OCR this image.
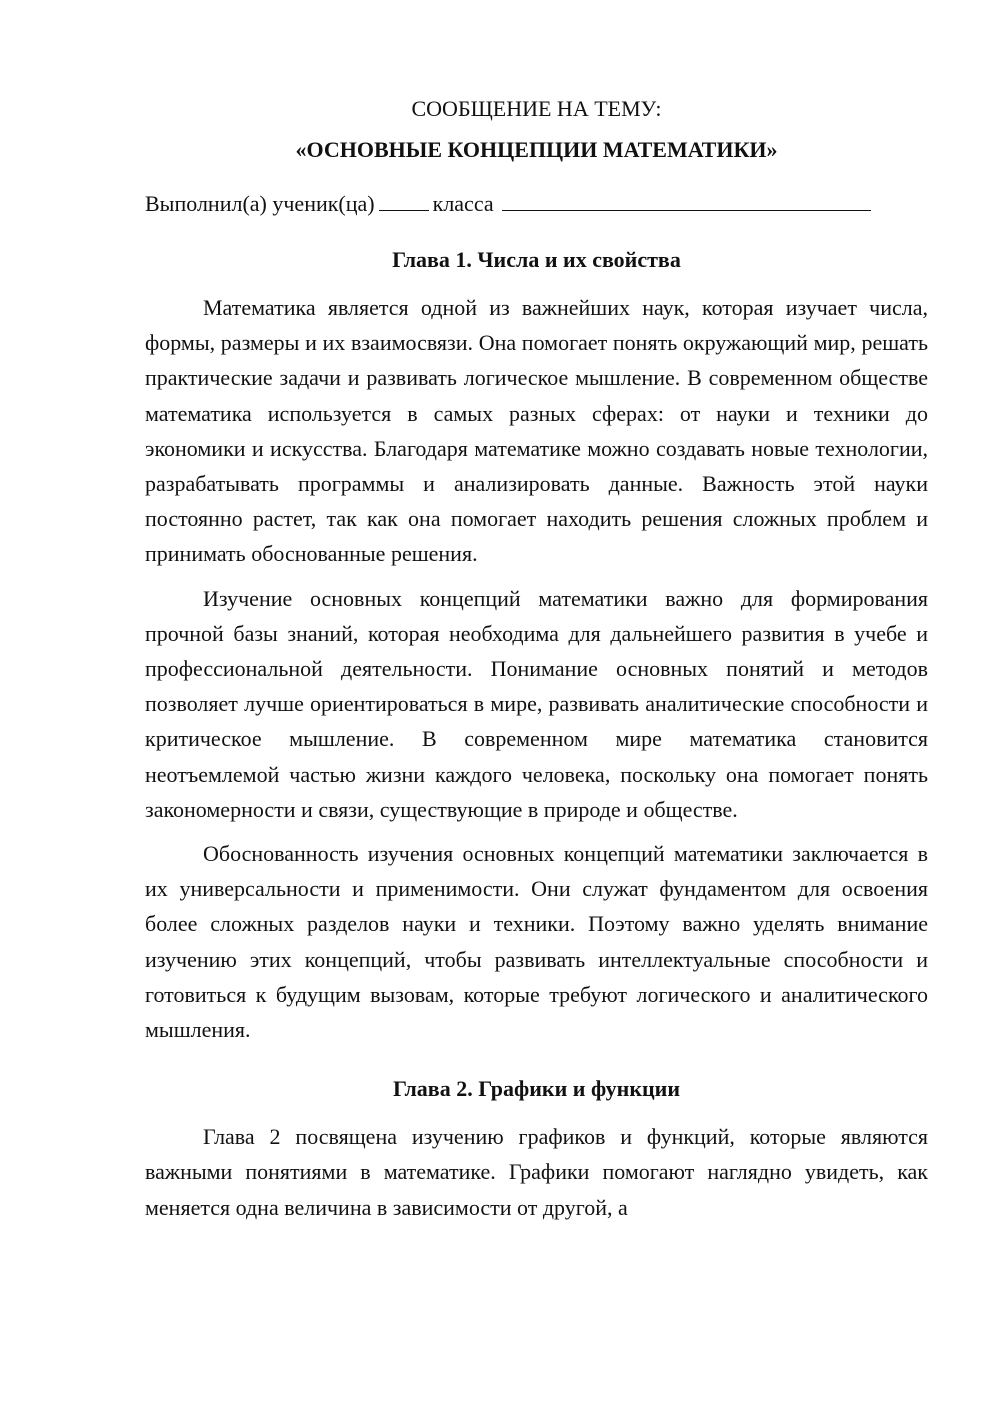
СООБЩЕНИЕ НА ТЕМУ:
«ОСНОВНЫЕ КОНЦЕПЦИИ МАТЕМАТИКИ»
Выполнил(а) ученик(ца)	класса
Глава 1. Числа и их свойства

Математика является одной из важнейших наук, которая изучает числа, формы, размеры и их взаимосвязи. Она помогает понять окружающий мир, решать практические задачи и развивать логическое мышление. В современном обществе математика используется в самых разных сферах: от науки и техники до экономики и искусства. Благодаря математике можно создавать новые технологии, разрабатывать программы и анализировать данные. Важность этой науки постоянно растет, так как она помогает находить решения сложных проблем и принимать обоснованные решения.

Изучение основных концепций математики важно для формирования прочной базы знаний, которая необходима для дальнейшего развития в учебе и профессиональной деятельности. Понимание основных понятий и методов позволяет лучше ориентироваться в мире, развивать аналитические способности и критическое мышление. В современном мире математика становится неотъемлемой частью жизни каждого человека, поскольку она помогает понять закономерности и связи, существующие в природе и обществе.

Обоснованность изучения основных концепций математики заключается в их универсальности и применимости. Они служат фундаментом для освоения более сложных разделов науки и техники. Поэтому важно уделять внимание изучению этих концепций, чтобы развивать интеллектуальные способности и готовиться к будущим вызовам, которые требуют логического и аналитического мышления.

Глава 2. Графики и функции

Глава 2 посвящена изучению графиков и функций, которые являются важными понятиями в математике. Графики помогают наглядно увидеть, как меняется одна величина в зависимости от другой, а
